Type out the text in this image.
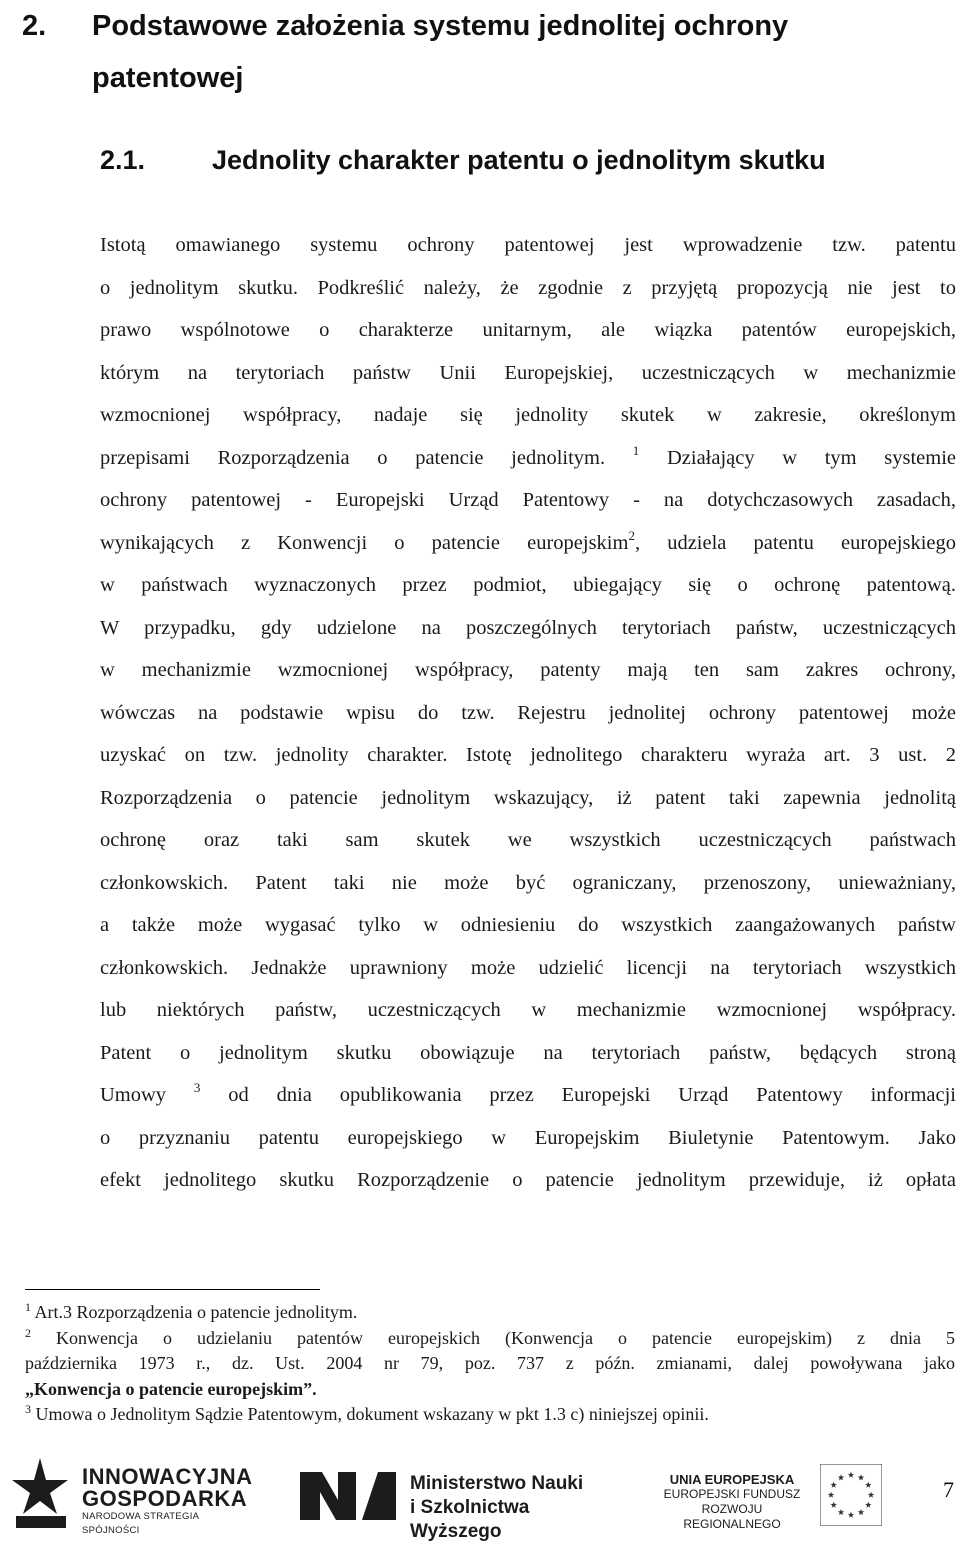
2. Podstawowe założenia systemu jednolitej ochrony
patentowej
2.1. Jednolity charakter patentu o jednolitym skutku
Istotą omawianego systemu ochrony patentowej jest wprowadzenie tzw. patentu
o jednolitym skutku. Podkreślić należy, że zgodnie z przyjętą propozycją nie jest to
prawo wspólnotowe o charakterze unitarnym, ale wiązka patentów europejskich,
którym na terytoriach państw Unii Europejskiej, uczestniczących w mechanizmie
wzmocnionej współpracy, nadaje się jednolity skutek w zakresie, określonym
przepisami Rozporządzenia o patencie jednolitym. $^1$ Działający w tym systemie
ochrony patentowej - Europejski Urząd Patentowy - na dotychczasowych zasadach,
wynikających z Konwencji o patencie europejskim$^2$, udziela patentu europejskiego
w państwach wyznaczonych przez podmiot, ubiegający się o ochronę patentową.
W przypadku, gdy udzielone na poszczególnych terytoriach państw, uczestniczących
w mechanizmie wzmocnionej współpracy, patenty mają ten sam zakres ochrony,
wówczas na podstawie wpisu do tzw. Rejestru jednolitej ochrony patentowej może
uzyskać on tzw. jednolity charakter. Istotę jednolitego charakteru wyraża art. 3 ust. 2
Rozporządzenia o patencie jednolitym wskazujący, iż patent taki zapewnia jednolitą
ochronę oraz taki sam skutek we wszystkich uczestniczących państwach
członkowskich. Patent taki nie może być ograniczany, przenoszony, unieważniany,
a także może wygasać tylko w odniesieniu do wszystkich zaangażowanych państw
członkowskich. Jednakże uprawniony może udzielić licencji na terytoriach wszystkich
lub niektórych państw, uczestniczących w mechanizmie wzmocnionej współpracy.
Patent o jednolitym skutku obowiązuje na terytoriach państw, będących stroną
Umowy $^3$ od dnia opublikowania przez Europejski Urząd Patentowy informacji
o przyznaniu patentu europejskiego w Europejskim Biuletynie Patentowym. Jako
efekt jednolitego skutku Rozporządzenie o patencie jednolitym przewiduje, iż opłata
$^1$ Art.3 Rozporządzenia o patencie jednolitym.
$^2$ Konwencja o udzielaniu patentów europejskich (Konwencja o patencie europejskim) z dnia 5
października 1973 r., dz. Ust. 2004 nr 79, poz. 737 z późn. zmianami, dalej powoływana jako
„Konwencja o patencie europejskim”.
$^3$ Umowa o Jednolitym Sądzie Patentowym, dokument wskazany w pkt 1.3 c) niniejszej opinii.
INNOWACYJNA
GOSPODARKA
NARODOWA STRATEGIA SPÓJNOŚCI
Ministerstwo Nauki
i Szkolnictwa Wyższego
UNIA EUROPEJSKA
EUROPEJSKI FUNDUSZ
ROZWOJU REGIONALNEGO
7
